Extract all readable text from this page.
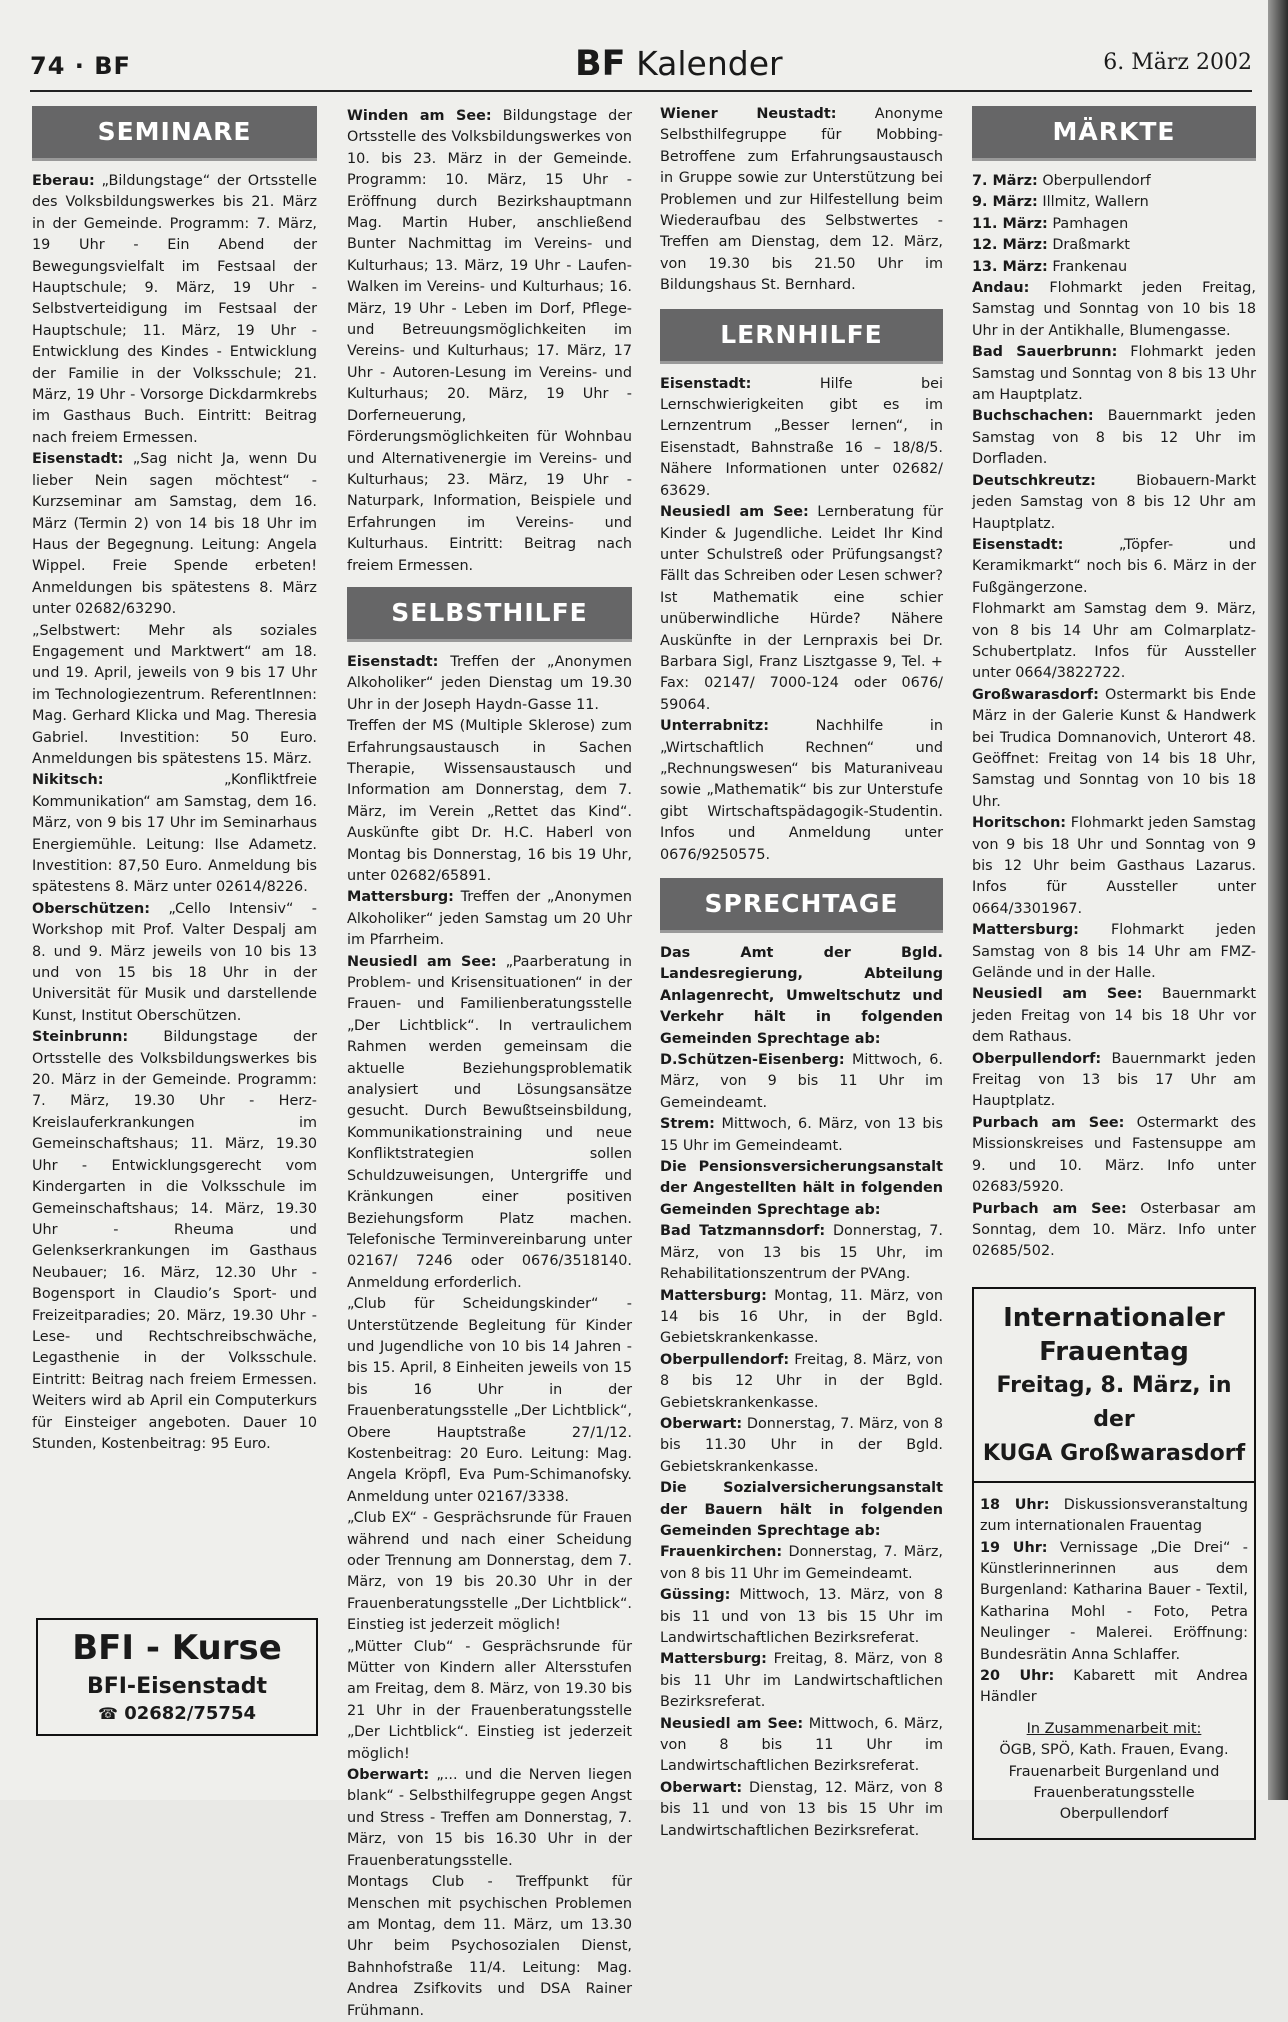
74 · BF	BF Kalender	6. März 2002
SEMINARE

Eberau: „Bildungstage“ der Ortsstelle des Volksbildungswerkes bis 21. März in der Gemeinde. Programm: 7. März, 19 Uhr - Ein Abend der Bewegungsvielfalt im Festsaal der Hauptschule; 9. März, 19 Uhr - Selbstverteidigung im Festsaal der Hauptschule; 11. März, 19 Uhr - Entwicklung des Kindes - Entwicklung der Familie in der Volksschule; 21. März, 19 Uhr - Vorsorge Dickdarmkrebs im Gasthaus Buch. Eintritt: Beitrag nach freiem Ermessen.

Eisenstadt: „Sag nicht Ja, wenn Du lieber Nein sagen möchtest“ - Kurzseminar am Samstag, dem 16. März (Termin 2) von 14 bis 18 Uhr im Haus der Begegnung. Leitung: Angela Wippel. Freie Spende erbeten! Anmeldungen bis spätestens 8. März unter 02682/63290.

„Selbstwert: Mehr als soziales Engagement und Marktwert“ am 18. und 19. April, jeweils von 9 bis 17 Uhr im Technologiezentrum. ReferentInnen: Mag. Gerhard Klicka und Mag. Theresia Gabriel. Investition: 50 Euro. Anmeldungen bis spätestens 15. März.

Nikitsch:	„Konfliktfreie Kommunikation“ am Samstag, dem 16. März, von 9 bis 17 Uhr im Seminarhaus Energiemühle. Leitung: Ilse Adametz. Investition: 87,50 Euro. Anmeldung bis spätestens 8. März unter 02614/8226.

Oberschützen: „Cello Intensiv“ - Workshop mit Prof. Valter Despalj am 8. und 9. März jeweils von 10 bis 13 und von 15 bis 18 Uhr in der Universität für Musik und darstellende Kunst, Institut Oberschützen.

Steinbrunn: Bildungstage der Ortsstelle des Volksbildungswerkes bis 20. März in der Gemeinde. Programm: 7. März, 19.30 Uhr - Herz-Kreislauferkrankungen im Gemeinschaftshaus; 11. März, 19.30 Uhr - Entwicklungsgerecht vom Kindergarten in die Volksschule im Gemeinschaftshaus; 14. März, 19.30 Uhr - Rheuma und Gelenkserkrankungen im Gasthaus Neubauer; 16. März, 12.30 Uhr - Bogensport in Claudio’s Sport- und Freizeitparadies; 20. März, 19.30 Uhr - Lese- und Rechtschreibschwäche, Legasthenie in der Volksschule. Eintritt: Beitrag nach freiem Ermessen. Weiters wird ab April ein Computerkurs für Einsteiger angeboten. Dauer 10 Stunden, Kostenbeitrag: 95 Euro.

Winden am See: Bildungstage der Ortsstelle des Volksbildungswerkes von 10. bis 23. März in der Gemeinde. Programm: 10. März, 15 Uhr - Eröffnung durch Bezirkshauptmann Mag. Martin Huber, anschließend Bunter Nachmittag im Vereins- und Kulturhaus; 13. März, 19 Uhr - Laufen-Walken im Vereins- und Kulturhaus; 16. März, 19 Uhr - Leben im Dorf, Pflege- und Betreuungsmöglichkeiten im Vereins- und Kulturhaus; 17. März, 17 Uhr - Autoren-Lesung im Vereins- und Kulturhaus; 20. März, 19 Uhr - Dorferneuerung, Förderungsmöglichkeiten für Wohnbau und Alternativenergie im Vereins- und Kulturhaus; 23. März, 19 Uhr - Naturpark, Information, Beispiele und Erfahrungen im Vereins- und Kulturhaus. Eintritt: Beitrag nach freiem Ermessen.

SELBSTHILFE

Eisenstadt: Treffen der „Anonymen Alkoholiker“ jeden Dienstag um 19.30 Uhr in der Joseph Haydn-Gasse 11.

Treffen der MS (Multiple Sklerose) zum Erfahrungsaustausch in Sachen Therapie, Wissensaustausch und Information am Donnerstag, dem 7. März, im Verein „Rettet das Kind“. Auskünfte gibt Dr. H.C. Haberl von Montag bis Donnerstag, 16 bis 19 Uhr, unter 02682/65891.

Mattersburg: Treffen der „Anonymen Alkoholiker“ jeden Samstag um 20 Uhr im Pfarrheim.

Neusiedl am See: „Paarberatung in Problem- und Krisensituationen“ in der Frauen- und Familienberatungsstelle „Der Lichtblick“. In vertraulichem Rahmen werden gemeinsam die aktuelle Beziehungsproblematik analysiert und Lösungsansätze gesucht. Durch Bewußtseinsbildung, Kommunikationstraining und neue Konfliktstrategien sollen Schuldzuweisungen, Untergriffe und Kränkungen einer positiven Beziehungsform Platz machen. Telefonische Terminvereinbarung unter 02167/ 7246 oder 0676/3518140. Anmeldung erforderlich.

„Club für Scheidungskinder“ - Unterstützende Begleitung für Kinder und Jugendliche von 10 bis 14 Jahren - bis 15. April, 8 Einheiten jeweils von 15 bis 16 Uhr in der Frauenberatungsstelle „Der Lichtblick“, Obere Hauptstraße 27/1/12. Kostenbeitrag: 20 Euro. Leitung: Mag. Angela Kröpfl, Eva Pum-Schimanofsky. Anmeldung unter 02167/3338.

„Club EX“ - Gesprächsrunde für Frauen während und nach einer Scheidung oder Trennung am Donnerstag, dem 7. März, von 19 bis 20.30 Uhr in der Frauenberatungsstelle „Der Lichtblick“. Einstieg ist jederzeit möglich!

„Mütter Club“ - Gesprächsrunde für Mütter von Kindern aller Altersstufen am Freitag, dem 8. März, von 19.30 bis 21 Uhr in der Frauenberatungsstelle „Der Lichtblick“. Einstieg ist jederzeit möglich!

Oberwart: „... und die Nerven liegen blank“ - Selbsthilfegruppe gegen Angst und Stress - Treffen am Donnerstag, 7. März, von 15 bis 16.30 Uhr in der Frauenberatungsstelle.

Montags Club - Treffpunkt für Menschen mit psychischen Problemen am Montag, dem 11. März, um 13.30 Uhr beim Psychosozialen Dienst, Bahnhofstraße 11/4. Leitung: Mag. Andrea Zsifkovits und DSA Rainer Frühmann.

Wiener Neustadt:	Anonyme Selbsthilfegruppe für Mobbing-Betroffene zum Erfahrungsaustausch in Gruppe sowie zur Unterstützung bei Problemen und zur Hilfestellung beim Wiederaufbau des Selbstwertes - Treffen am Dienstag, dem 12. März, von 19.30 bis 21.50 Uhr im Bildungshaus St. Bernhard.

LERNHILFE

Eisenstadt:	Hilfe bei Lernschwierigkeiten gibt es im Lernzentrum „Besser lernen“, in Eisenstadt, Bahnstraße 16 – 18/8/5. Nähere Informationen unter 02682/ 63629.

Neusiedl am See: Lernberatung für Kinder & Jugendliche. Leidet Ihr Kind unter Schulstreß oder Prüfungsangst? Fällt das Schreiben oder Lesen schwer? Ist Mathematik eine schier unüberwindliche Hürde? Nähere Auskünfte in der Lernpraxis bei Dr. Barbara Sigl, Franz Lisztgasse 9, Tel. + Fax: 02147/ 7000-124 oder 0676/ 59064.

Unterrabnitz:	Nachhilfe in „Wirtschaftlich Rechnen“ und „Rechnungswesen“ bis Maturaniveau sowie „Mathematik“ bis zur Unterstufe gibt Wirtschaftspädagogik-Studentin. Infos und Anmeldung unter 0676/9250575.

SPRECHTAGE

Das Amt der Bgld. Landesregierung, Abteilung Anlagenrecht, Umweltschutz und Verkehr hält in folgenden Gemeinden Sprechtage ab:

D.Schützen-Eisenberg: Mittwoch, 6. März, von 9 bis 11 Uhr im Gemeindeamt.

Strem: Mittwoch, 6. März, von 13 bis 15 Uhr im Gemeindeamt.

Die Pensionsversicherungsanstalt der Angestellten hält in folgenden Gemeinden Sprechtage ab:

Bad Tatzmannsdorf: Donnerstag, 7. März, von 13 bis 15 Uhr, im Rehabilitationszentrum der PVAng.

Mattersburg: Montag, 11. März, von 14 bis 16 Uhr, in der Bgld. Gebietskrankenkasse.

Oberpullendorf: Freitag, 8. März, von 8 bis 12 Uhr in der Bgld. Gebietskrankenkasse.

Oberwart: Donnerstag, 7. März, von 8 bis 11.30 Uhr in der Bgld. Gebietskrankenkasse.

Die Sozialversicherungsanstalt der Bauern hält in folgenden Gemeinden Sprechtage ab:

Frauenkirchen: Donnerstag, 7. März, von 8 bis 11 Uhr im Gemeindeamt.

Güssing: Mittwoch, 13. März, von 8 bis 11 und von 13 bis 15 Uhr im Landwirtschaftlichen Bezirksreferat.

Mattersburg: Freitag, 8. März, von 8 bis 11 Uhr im Landwirtschaftlichen Bezirksreferat.

Neusiedl am See: Mittwoch, 6. März, von 8 bis 11 Uhr im Landwirtschaftlichen Bezirksreferat.

Oberwart: Dienstag, 12. März, von 8 bis 11 und von 13 bis 15 Uhr im Landwirtschaftlichen Bezirksreferat.

MÄRKTE

7. März: Oberpullendorf

9. März: Illmitz, Wallern

11. März: Pamhagen

12. März: Draßmarkt

13. März: Frankenau

Andau: Flohmarkt jeden Freitag, Samstag und Sonntag von 10 bis 18 Uhr in der Antikhalle, Blumengasse.

Bad Sauerbrunn: Flohmarkt jeden Samstag und Sonntag von 8 bis 13 Uhr am Hauptplatz.

Buchschachen: Bauernmarkt jeden Samstag von 8 bis 12 Uhr im Dorfladen.

Deutschkreutz:	Biobauern-Markt jeden Samstag von 8 bis 12 Uhr am Hauptplatz.

Eisenstadt:	„Töpfer- und Keramikmarkt“ noch bis 6. März in der Fußgängerzone.

Flohmarkt am Samstag dem 9. März, von 8 bis 14 Uhr am Colmarplatz-Schubertplatz. Infos für Aussteller unter 0664/3822722.

Großwarasdorf: Ostermarkt bis Ende März in der Galerie Kunst & Handwerk bei Trudica Domnanovich, Unterort 48. Geöffnet: Freitag von 14 bis 18 Uhr, Samstag und Sonntag von 10 bis 18 Uhr.

Horitschon: Flohmarkt jeden Samstag von 9 bis 18 Uhr und Sonntag von 9 bis 12 Uhr beim Gasthaus Lazarus. Infos für Aussteller unter 0664/3301967.

Mattersburg: Flohmarkt jeden Samstag von 8 bis 14 Uhr am FMZ-Gelände und in der Halle.

Neusiedl am See: Bauernmarkt jeden Freitag von 14 bis 18 Uhr vor dem Rathaus.

Oberpullendorf: Bauernmarkt jeden Freitag von 13 bis 17 Uhr am Hauptplatz.

Purbach am See: Ostermarkt des Missionskreises und Fastensuppe am 9. und 10. März. Info unter 02683/5920.

Purbach am See: Osterbasar am Sonntag, dem 10. März. Info unter 02685/502.

Internationaler Frauentag
Freitag, 8. März, in der
KUGA Großwarasdorf

18 Uhr: Diskussionsveranstaltung zum internationalen Frauentag

19 Uhr: Vernissage „Die Drei“ - Künstlerinnerinnen aus dem Burgenland: Katharina Bauer - Textil, Katharina Mohl - Foto, Petra Neulinger - Malerei. Eröffnung: Bundesrätin Anna Schlaffer.

20 Uhr: Kabarett mit Andrea Händler

In Zusammenarbeit mit:
ÖGB, SPÖ, Kath. Frauen, Evang. Frauenarbeit Burgenland und Frauenberatungsstelle Oberpullendorf
BFI - Kurse
BFI-Eisenstadt
☎ 02682/75754
